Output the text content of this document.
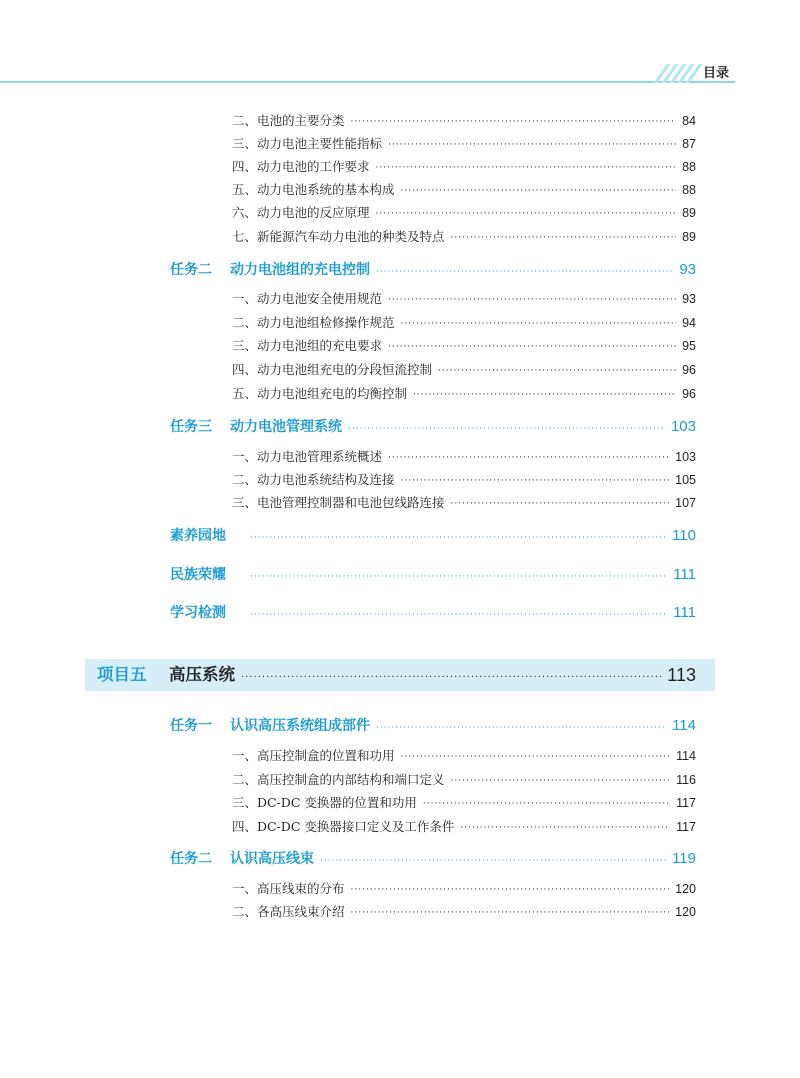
目录
二、电池的主要分类 ·····	84
三、动力电池主要性能指标 ·····	87
四、动力电池的工作要求 ·····	88
五、动力电池系统的基本构成 ·····	88
六、动力电池的反应原理 ·····	89
七、新能源汽车动力电池的种类及特点 ·····	89
任务二	动力电池组的充电控制 ·····	93
一、动力电池安全使用规范 ·····	93
二、动力电池组检修操作规范 ·····	94
三、动力电池组的充电要求 ·····	95
四、动力电池组充电的分段恒流控制 ·····	96
五、动力电池组充电的均衡控制 ·····	96
任务三	动力电池管理系统 ·····	103
一、动力电池管理系统概述 ·····	103
二、动力电池系统结构及连接 ·····	105
三、电池管理控制器和电池包线路连接 ·····	107
素养园地 ·····	110
民族荣耀 ·····	111
学习检测 ·····	111
项目五	高压系统 ·····	113
任务一	认识高压系统组成部件 ·····	114
一、高压控制盒的位置和功用 ·····	114
二、高压控制盒的内部结构和端口定义 ·····	116
三、DC-DC 变换器的位置和功用 ·····	117
四、DC-DC 变换器接口定义及工作条件 ·····	117
任务二	认识高压线束 ·····	119
一、高压线束的分布 ·····	120
二、各高压线束介绍 ·····	120
